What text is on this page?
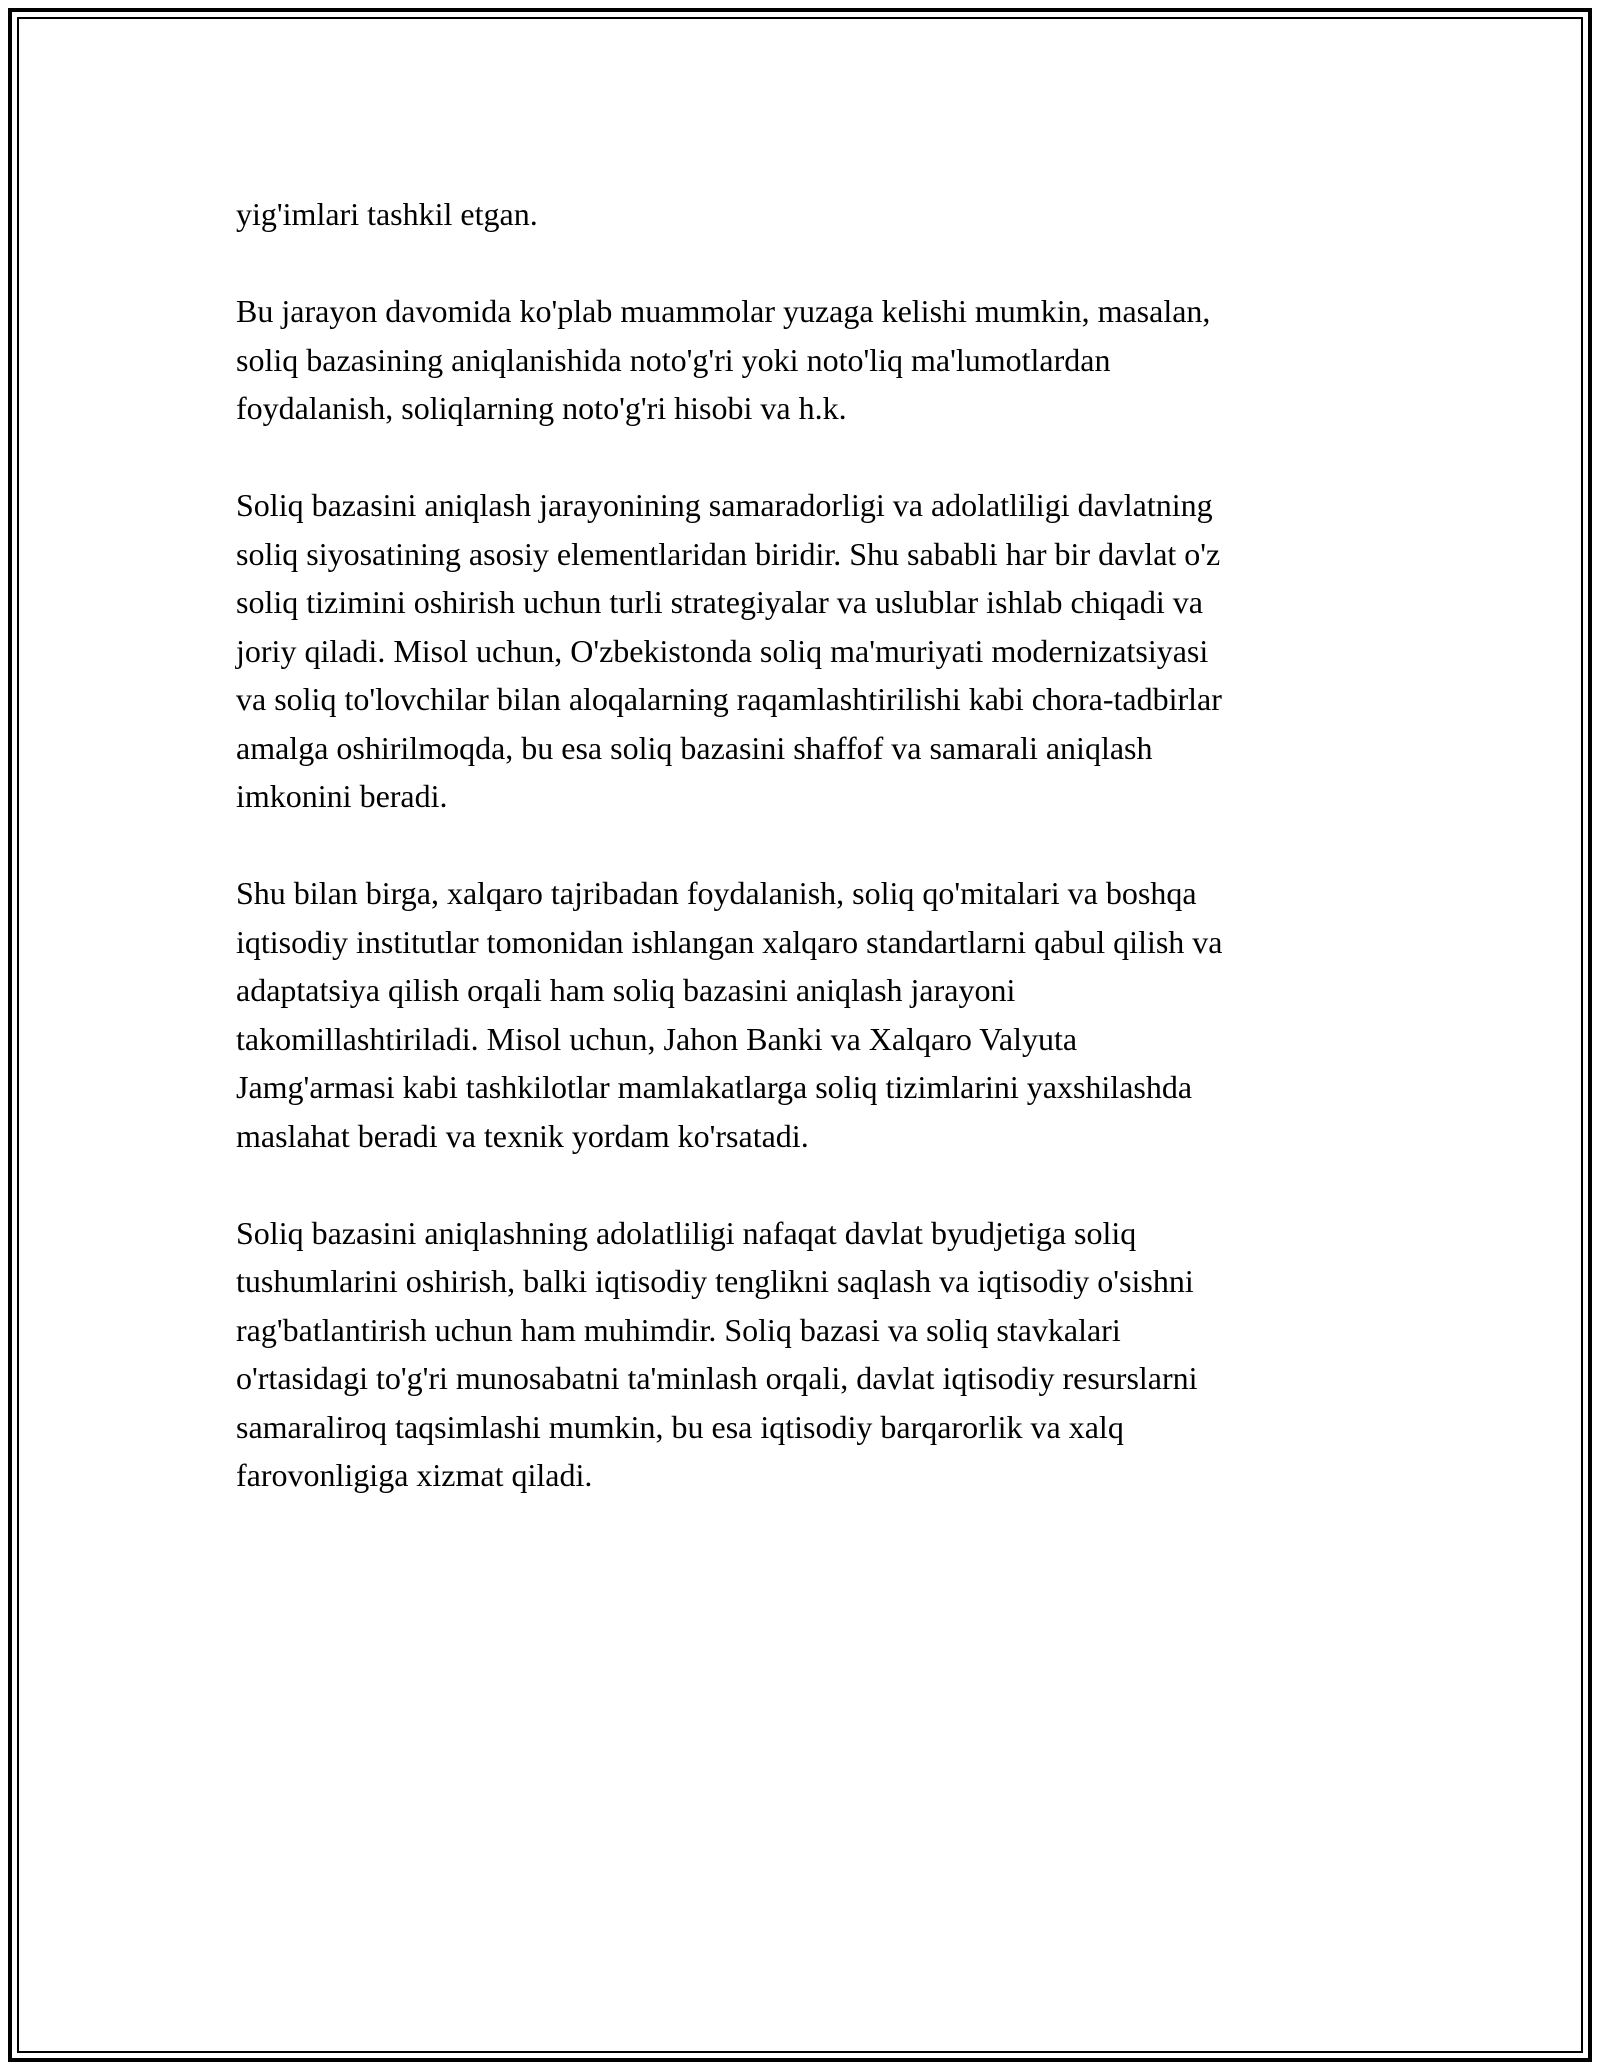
yig'imlari tashkil etgan.

Bu jarayon davomida ko'plab muammolar yuzaga kelishi mumkin, masalan,
soliq bazasining aniqlanishida noto'g'ri yoki noto'liq ma'lumotlardan
foydalanish, soliqlarning noto'g'ri hisobi va h.k.

Soliq bazasini aniqlash jarayonining samaradorligi va adolatliligi davlatning
soliq siyosatining asosiy elementlaridan biridir. Shu sababli har bir davlat o'z
soliq tizimini oshirish uchun turli strategiyalar va uslublar ishlab chiqadi va
joriy qiladi. Misol uchun, O'zbekistonda soliq ma'muriyati modernizatsiyasi
va soliq to'lovchilar bilan aloqalarning raqamlashtirilishi kabi chora-tadbirlar
amalga oshirilmoqda, bu esa soliq bazasini shaffof va samarali aniqlash
imkonini beradi.

Shu bilan birga, xalqaro tajribadan foydalanish, soliq qo'mitalari va boshqa
iqtisodiy institutlar tomonidan ishlangan xalqaro standartlarni qabul qilish va
adaptatsiya qilish orqali ham soliq bazasini aniqlash jarayoni
takomillashtiriladi. Misol uchun, Jahon Banki va Xalqaro Valyuta
Jamg'armasi kabi tashkilotlar mamlakatlarga soliq tizimlarini yaxshilashda
maslahat beradi va texnik yordam ko'rsatadi.

Soliq bazasini aniqlashning adolatliligi nafaqat davlat byudjetiga soliq
tushumlarini oshirish, balki iqtisodiy tenglikni saqlash va iqtisodiy o'sishni
rag'batlantirish uchun ham muhimdir. Soliq bazasi va soliq stavkalari
o'rtasidagi to'g'ri munosabatni ta'minlash orqali, davlat iqtisodiy resurslarni
samaraliroq taqsimlashi mumkin, bu esa iqtisodiy barqarorlik va xalq
farovonligiga xizmat qiladi.
